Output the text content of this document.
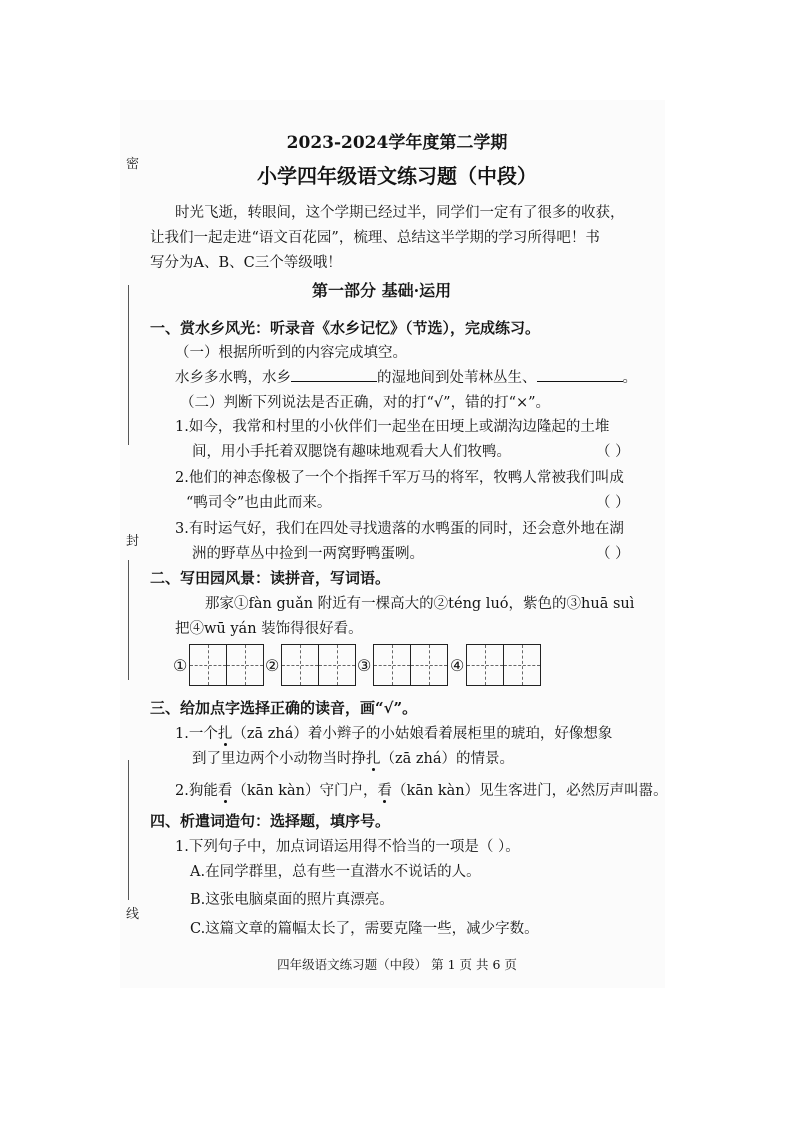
密
封
线
2023-2024学年度第二学期
小学四年级语文练习题（中段）
时光飞逝，转眼间，这个学期已经过半，同学们一定有了很多的收获，
让我们一起走进“语文百花园”，梳理、总结这半学期的学习所得吧！书
写分为A、B、C三个等级哦！
第一部分 基础·运用
一、赏水乡风光：听录音《水乡记忆》（节选），完成练习。
（一）根据所听到的内容完成填空。
水乡多水鸭，水乡	的湿地间到处苇林丛生、	。
（二）判断下列说法是否正确，对的打“√”，错的打“×”。
1.如今，我常和村里的小伙伴们一起坐在田埂上或湖沟边隆起的土堆
间，用小手托着双腮饶有趣味地观看大人们牧鸭。	（ ）
2.他们的神态像极了一个个指挥千军万马的将军，牧鸭人常被我们叫成
“鸭司令”也由此而来。	（ ）
3.有时运气好，我们在四处寻找遗落的水鸭蛋的同时，还会意外地在湖
洲的野草丛中捡到一两窝野鸭蛋咧。	（ ）
二、写田园风景：读拼音，写词语。
那家①fàn guǎn 附近有一棵高大的②téng luó，紫色的③huā suì
把④wū yán 装饰得很好看。
①	②	③	④
三、给加点字选择正确的读音，画“√”。
1.一个扎（zā zhá）着小辫子的小姑娘看着展柜里的琥珀，好像想象
到了里边两个小动物当时挣扎（zā zhá）的情景。
2.狗能看（kān kàn）守门户，看（kān kàn）见生客进门，必然厉声叫嚣。
四、析遣词造句：选择题，填序号。
1.下列句子中，加点词语运用得不恰当的一项是（ ）。
A.在同学群里，总有些一直潜水不说话的人。
B.这张电脑桌面的照片真漂亮。
C.这篇文章的篇幅太长了，需要克隆一些，减少字数。
四年级语文练习题（中段） 第 1 页 共 6 页
